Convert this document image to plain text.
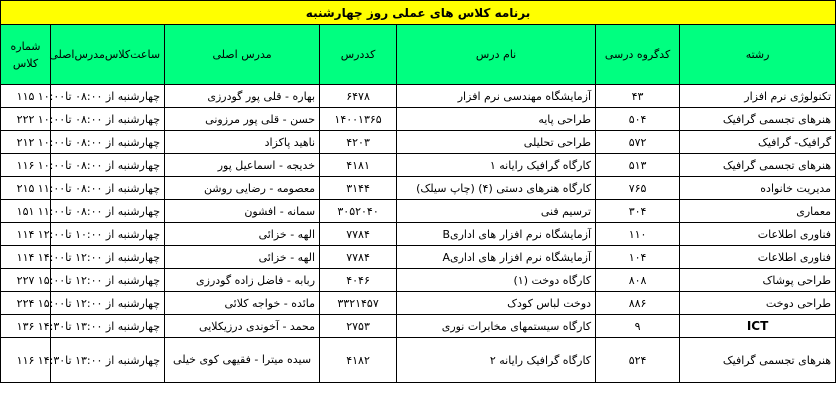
برنامه کلاس های عملی روز چهارشنبه						
رشته	کدگروه درسی	نام درس	کددرس	مدرس اصلی	ساعت‌کلاس‌مدرس‌اصلی	شماره کلاس
تکنولوژی نرم افزار	۴۳	آزمایشگاه مهندسی نرم افزار	۶۴۷۸	بهاره - قلی پور گودرزی	چهارشنبه از ۰۸:۰۰ تا۱۰:۰۰	۱۱۵
هنرهای تجسمی گرافیک	۵۰۴	طراحی پایه	۱۴۰۰۱۳۶۵	حسن - قلی پور مرزونی	چهارشنبه از ۰۸:۰۰ تا۱۰:۰۰	۲۲۲
گرافیک- گرافیک	۵۷۲	طراحی تحلیلی	۴۲۰۳	ناهید پاکزاد	چهارشنبه از ۰۸:۰۰ تا۱۰:۰۰	۲۱۲
هنرهای تجسمی گرافیک	۵۱۳	کارگاه گرافیک رایانه ۱	۴۱۸۱	خدیجه - اسماعیل پور	چهارشنبه از ۰۸:۰۰ تا۱۰:۰۰	۱۱۶
مدیریت خانواده	۷۶۵	کارگاه هنرهای دستی (۴) (چاپ سیلک)	۳۱۴۴	معصومه - رضایی روشن	چهارشنبه از ۰۸:۰۰ تا۱۱:۰۰	۲۱۵
معماری	۳۰۴	ترسیم فنی	۳۰۵۲۰۴۰	سمانه - افشون	چهارشنبه از ۰۸:۰۰ تا۱۱:۰۰	۱۵۱
فناوری اطلاعات	۱۱۰	آزمایشگاه نرم افزار های اداریB	۷۷۸۴	الهه - خزائی	چهارشنبه از ۱۰:۰۰ تا۱۲:۰۰	۱۱۴
فناوری اطلاعات	۱۰۴	آزمایشگاه نرم افزار های اداریA	۷۷۸۴	الهه - خزائی	چهارشنبه از ۱۲:۰۰ تا۱۴:۰۰	۱۱۴
طراحی پوشاک	۸۰۸	کارگاه دوخت (۱)	۴۰۴۶	ربابه - فاضل زاده گودرزی	چهارشنبه از ۱۲:۰۰ تا۱۵:۰۰	۲۲۷
طراحی دوخت	۸۸۶	دوخت لباس کودک	۳۳۲۱۴۵۷	مائده - خواجه کلائی	چهارشنبه از ۱۲:۰۰ تا۱۵:۰۰	۲۲۴
ICT	۹	کارگاه سیستمهای مخابرات نوری	۲۷۵۳	محمد - آخوندی درزیکلایی	چهارشنبه از ۱۳:۰۰ تا۱۴:۳۰	۱۳۶
هنرهای تجسمی گرافیک	۵۲۴	کارگاه گرافیک رایانه ۲	۴۱۸۲	سیده میترا - فقیهی کوی خیلی	چهارشنبه از ۱۳:۰۰ تا۱۴:۳۰	۱۱۶
